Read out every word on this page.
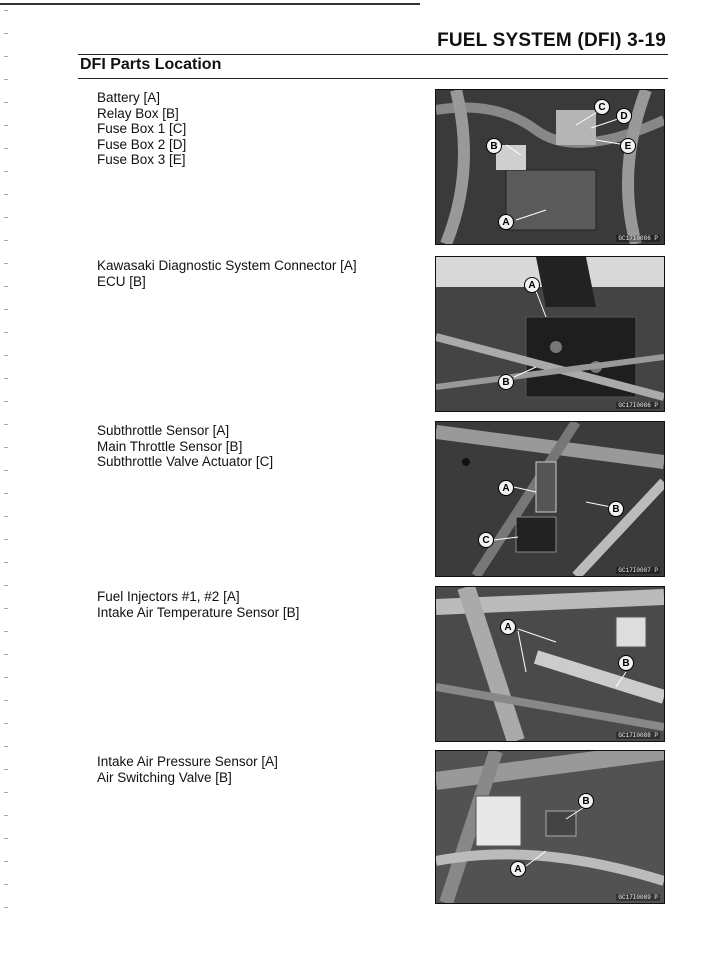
FUEL SYSTEM (DFI) 3-19
DFI Parts Location
Battery [A]
Relay Box [B]
Fuse Box 1 [C]
Fuse Box 2 [D]
Fuse Box 3 [E]
C
D
B	E
A
GC17I0086 P
Kawasaki Diagnostic System Connector [A]
ECU [B]	A
B
GC17I0086 P
Subthrottle Sensor [A]
Main Throttle Sensor [B]
Subthrottle Valve Actuator [C]
A
B
C
GC17I0087 P
Fuel Injectors #1, #2 [A]
Intake Air Temperature Sensor [B]
A
B
GC17I0088 P
Intake Air Pressure Sensor [A]
Air Switching Valve [B]
B
A
GC17I0089 P
